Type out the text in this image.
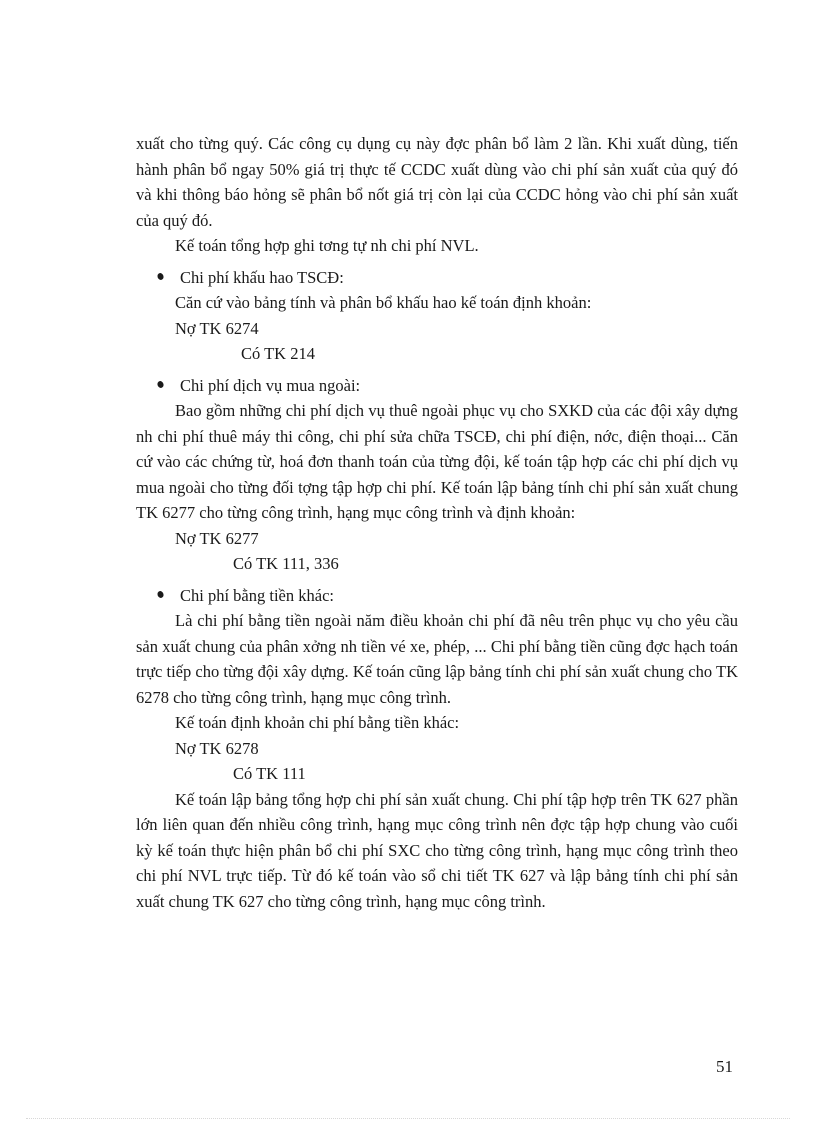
xuất cho từng quý. Các công cụ dụng cụ này đợc phân bổ làm 2 lần. Khi xuất dùng, tiến hành phân bổ ngay 50% giá trị thực tế CCDC xuất dùng vào chi phí sản xuất của quý đó và khi thông báo hỏng sẽ phân bổ nốt giá trị còn lại của CCDC hỏng vào chi phí sản xuất của quý đó.

Kế toán tổng hợp ghi tơng tự nh chi phí NVL.

Chi phí khấu hao TSCĐ:

Căn cứ vào bảng tính và phân bổ khấu hao kế toán định khoản:

Nợ TK 6274

Có TK 214

Chi phí dịch vụ mua ngoài:

Bao gồm những chi phí dịch vụ thuê ngoài phục vụ cho SXKD của các đội xây dựng nh chi phí thuê máy thi công, chi phí sửa chữa TSCĐ, chi phí điện, nớc, điện thoại... Căn cứ vào các chứng từ, hoá đơn thanh toán của từng đội, kế toán tập hợp các chi phí dịch vụ mua ngoài cho từng đối tợng tập hợp chi phí. Kế toán lập bảng tính chi phí sản xuất chung TK 6277 cho từng công trình, hạng mục công trình và định khoản:

Nợ TK 6277

Có TK 111, 336

Chi phí bằng tiền khác:

Là chi phí bằng tiền ngoài năm điều khoản chi phí đã nêu trên phục vụ cho yêu cầu sản xuất chung của phân xởng nh tiền vé xe, phép, ... Chi phí bằng tiền cũng đợc hạch toán trực tiếp cho từng đội xây dựng. Kế toán cũng lập bảng tính chi phí sản xuất chung cho TK 6278 cho từng công trình, hạng mục công trình.

Kế toán định khoản chi phí bằng tiền khác:

Nợ TK 6278

Có TK 111

Kế toán lập bảng tổng hợp chi phí sản xuất chung. Chi phí tập hợp trên TK 627 phần lớn liên quan đến nhiều công trình, hạng mục công trình nên đợc tập hợp chung vào cuối kỳ kế toán thực hiện phân bổ chi phí SXC cho từng công trình, hạng mục công trình theo chi phí NVL trực tiếp. Từ đó kế toán vào sổ chi tiết TK 627 và lập bảng tính chi phí sản xuất chung TK 627 cho từng công trình, hạng mục công trình.

51
